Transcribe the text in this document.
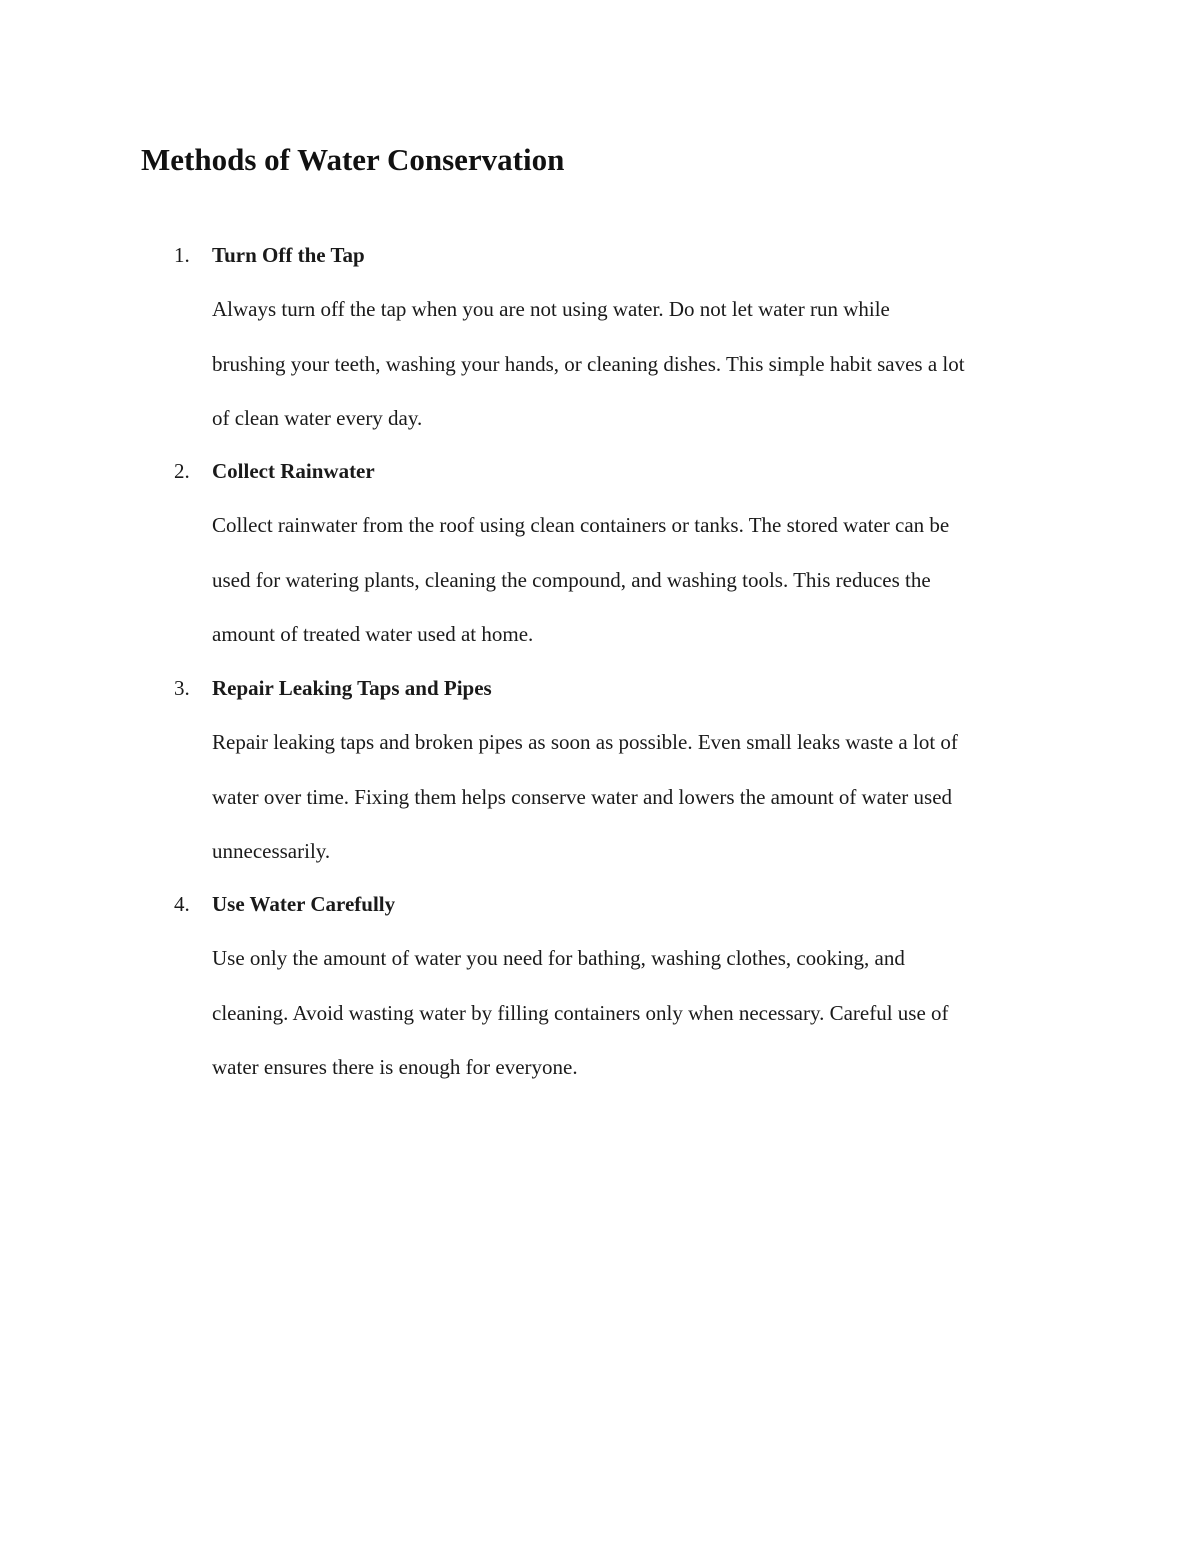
Methods of Water Conservation
1. Turn Off the Tap
Always turn off the tap when you are not using water. Do not let water run while
brushing your teeth, washing your hands, or cleaning dishes. This simple habit saves a lot
of clean water every day.
2. Collect Rainwater
Collect rainwater from the roof using clean containers or tanks. The stored water can be
used for watering plants, cleaning the compound, and washing tools. This reduces the
amount of treated water used at home.
3. Repair Leaking Taps and Pipes
Repair leaking taps and broken pipes as soon as possible. Even small leaks waste a lot of
water over time. Fixing them helps conserve water and lowers the amount of water used
unnecessarily.
4. Use Water Carefully
Use only the amount of water you need for bathing, washing clothes, cooking, and
cleaning. Avoid wasting water by filling containers only when necessary. Careful use of
water ensures there is enough for everyone.
